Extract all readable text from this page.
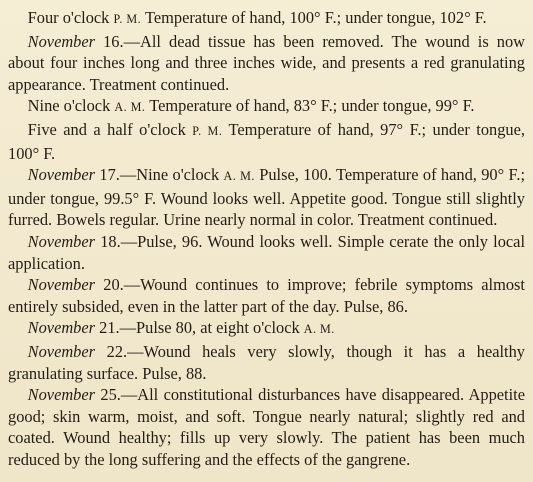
Four o'clock P. M. Temperature of hand, 100° F.; under tongue, 102° F.

November 16.—All dead tissue has been removed. The wound is now about four inches long and three inches wide, and presents a red granulating appearance. Treatment continued.

Nine o'clock A. M. Temperature of hand, 83° F.; under tongue, 99° F.

Five and a half o'clock P. M. Temperature of hand, 97° F.; under tongue, 100° F.

November 17.—Nine o'clock A. M. Pulse, 100. Temperature of hand, 90° F.; under tongue, 99.5° F. Wound looks well. Appetite good. Tongue still slightly furred. Bowels regular. Urine nearly normal in color. Treatment continued.

November 18.—Pulse, 96. Wound looks well. Simple cerate the only local application.

November 20.—Wound continues to improve; febrile symptoms almost entirely subsided, even in the latter part of the day. Pulse, 86.

November 21.—Pulse 80, at eight o'clock A. M.

November 22.—Wound heals very slowly, though it has a healthy granulating surface. Pulse, 88.

November 25.—All constitutional disturbances have disappeared. Appetite good; skin warm, moist, and soft. Tongue nearly natural; slightly red and coated. Wound healthy; fills up very slowly. The patient has been much reduced by the long suffering and the effects of the gangrene.
